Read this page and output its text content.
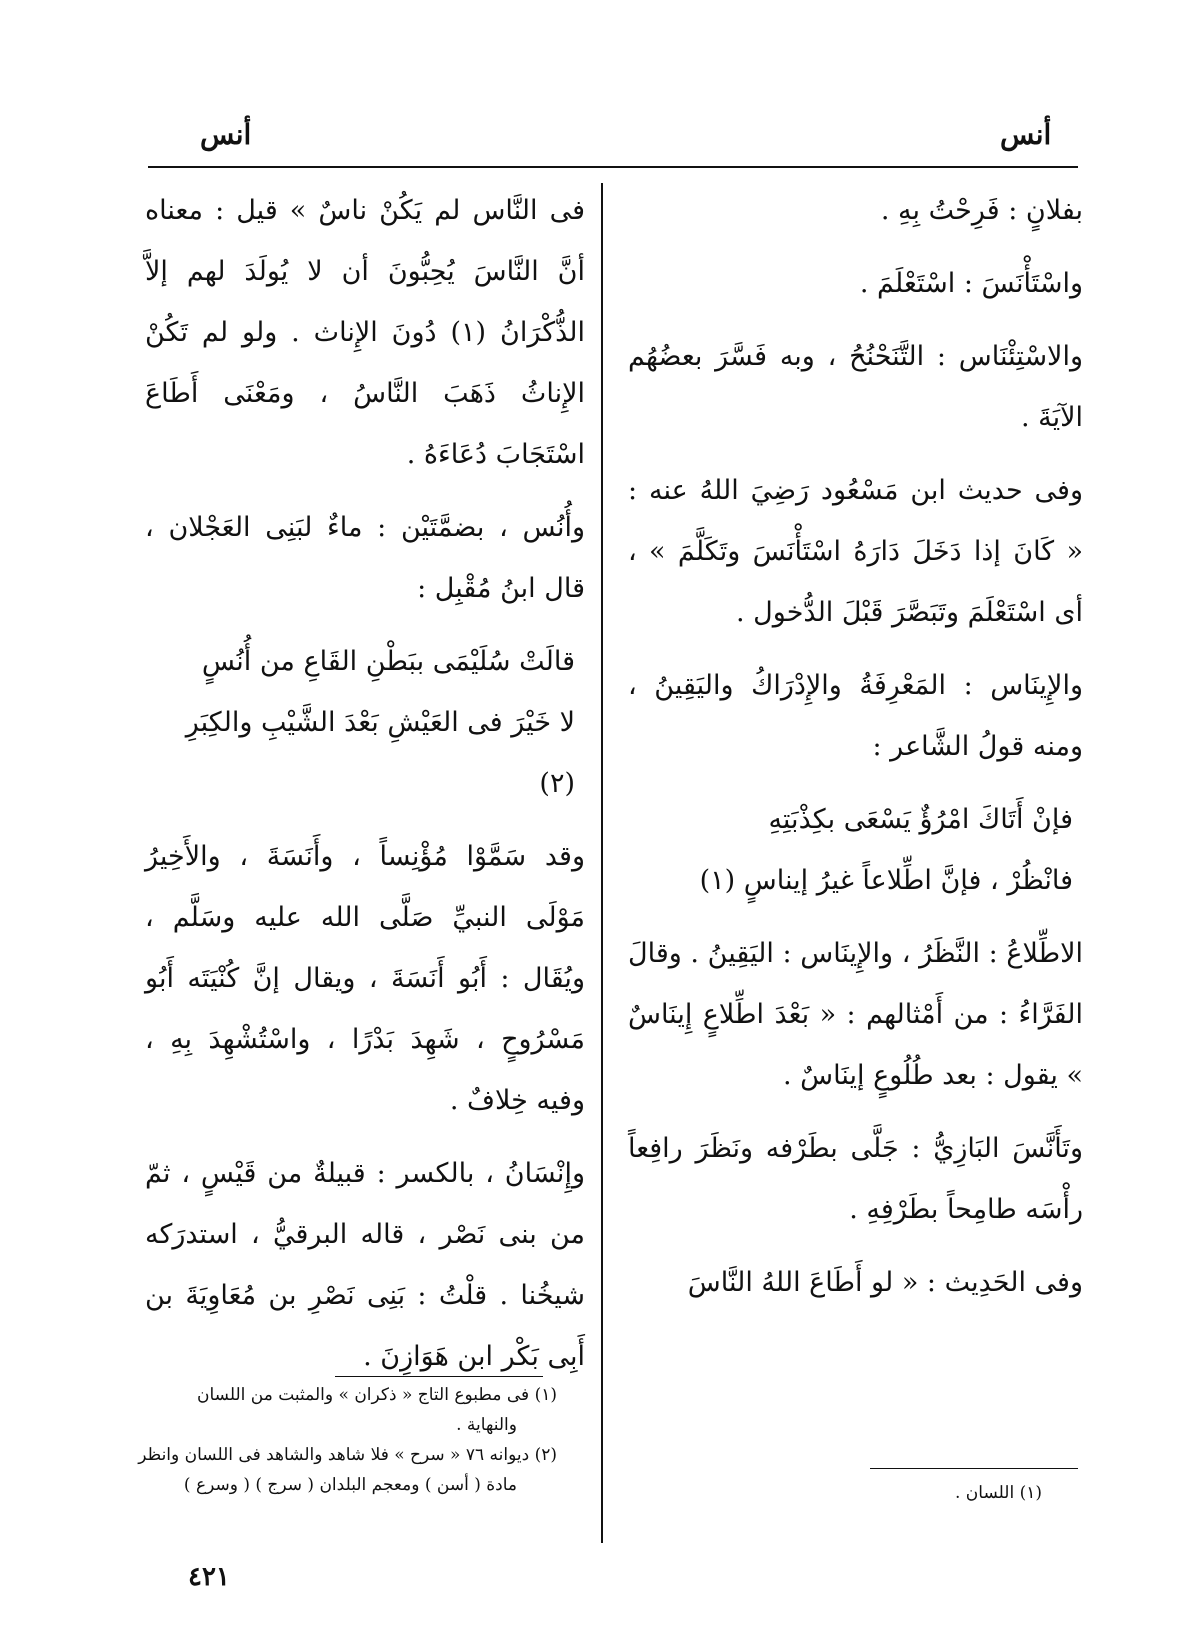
أنس
أنس

بفلانٍ : فَرِحْتُ بِهِ .

واسْتَأْنَسَ : اسْتَعْلَمَ .

والاسْتِئْنَاس : التَّنَحْنُحُ ، وبه فَسَّرَ بعضُهُم الآيَةَ .

وفى حديث ابن مَسْعُود رَضِيَ اللهُ عنه : « كَانَ إذا دَخَلَ دَارَهُ اسْتَأْنَسَ وتَكَلَّمَ » ، أى اسْتَعْلَمَ وتَبَصَّرَ قَبْلَ الدُّخول .

والإِينَاس : المَعْرِفَةُ والإِدْرَاكُ واليَقِينُ ، ومنه قولُ الشَّاعر :

فإنْ أَتَاكَ امْرُؤٌ يَسْعَى بكِذْبَتِهِ
فانْظُرْ ، فإنَّ اطِّلاعاً غيرُ إيناسٍ (١)

الاطِّلاعُ : النَّظَرُ ، والإِينَاس : اليَقِينُ . وقالَ الفَرَّاءُ : من أَمْثالهم : « بَعْدَ اطِّلاعٍ إِينَاسٌ » يقول : بعد طُلُوعٍ إينَاسٌ .

وتَأَنَّسَ البَازِيُّ : جَلَّى بطَرْفه ونَظَرَ رافِعاً رأْسَه طامِحاً بطَرْفِهِ .

وفى الحَدِيث : « لو أَطَاعَ اللهُ النَّاسَ

فى النَّاس لم يَكُنْ ناسٌ » قيل : معناه أنَّ النَّاسَ يُحِبُّونَ أن لا يُولَدَ لهم إلاَّ الذُّكْرَانُ (١) دُونَ الإِناث . ولو لم تَكُنْ الإِناثُ ذَهَبَ النَّاسُ ، ومَعْنَى أَطَاعَ اسْتَجَابَ دُعَاءَهُ .

وأُنُس ، بضمَّتَيْن : ماءٌ لبَنِى العَجْلان ، قال ابنُ مُقْبِل :

قالَتْ سُلَيْمَى ببَطْنِ القَاعِ من أُنُسٍ
لا خَيْرَ فى العَيْشِ بَعْدَ الشَّيْبِ والكِبَرِ (٢)

وقد سَمَّوْا مُؤْنِساً ، وأَنَسَةَ ، والأَخِيرُ مَوْلَى النبيِّ صَلَّى الله عليه وسَلَّم ، ويُقَال : أَبُو أَنَسَةَ ، ويقال إنَّ كُنْيَتَه أَبُو مَسْرُوحٍ ، شَهِدَ بَدْرًا ، واسْتُشْهِدَ بِهِ ، وفيه خِلافٌ .

وإِنْسَانُ ، بالكسر : قبيلةٌ من قَيْسٍ ، ثمّ من بنى نَصْر ، قاله البرقيُّ ، استدرَكه شيخُنا . قلْتُ : بَنِى نَصْرِ بن مُعَاوِيَةَ بن أَبِى بَكْر ابن هَوَازِنَ .

(١) اللسان .
(١) فى مطبوع التاج « ذكران » والمثبت من اللسان
والنهاية .
(٢) ديوانه ٧٦ « سرح » فلا شاهد والشاهد فى اللسان وانظر
مادة ( أسن ) ومعجم البلدان ( سرج ) ( وسرع )
٤٢١
